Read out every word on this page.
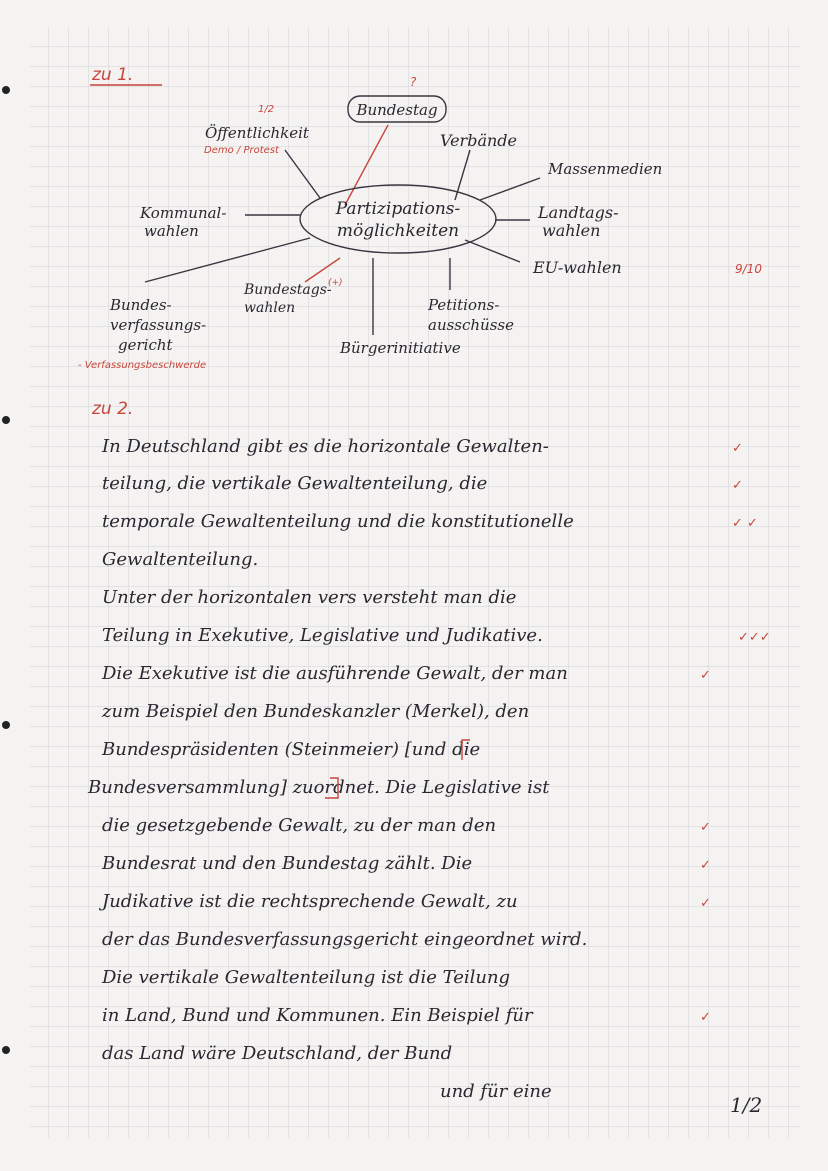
zu 1.
Partizipations-
möglichkeiten
Bundestag
?
Verbände
Massenmedien
Landtags-
wahlen
EU-wahlen	9/10
Petitions-
ausschüsse
Bürgerinitiative
Bundestags-
wahlen
(+)
Bundes-
verfassungs-
gericht
- Verfassungsbeschwerde
Kommunal-
wahlen
Öffentlichkeit
Demo / Protest
1/2
zu 2.
In Deutschland gibt es die horizontale Gewalten-
teilung, die vertikale Gewaltenteilung, die
temporale Gewaltenteilung und die konstitutionelle
Gewaltenteilung.
Unter der horizontalen vers versteht man die
Teilung in Exekutive, Legislative und Judikative.
Die Exekutive ist die ausführende Gewalt, der man
zum Beispiel den Bundeskanzler (Merkel), den
Bundespräsidenten (Steinmeier) [und die
Bundesversammlung] zuordnet. Die Legislative ist
die gesetzgebende Gewalt, zu der man den
Bundesrat und den Bundestag zählt. Die
Judikative ist die rechtsprechende Gewalt, zu
der das Bundesverfassungsgericht eingeordnet wird.
Die vertikale Gewaltenteilung ist die Teilung
in Land, Bund und Kommunen. Ein Beispiel für
das Land wäre Deutschland, der Bund
und für eine
✓
✓
✓ ✓
✓✓✓
✓
✓
✓
✓
✓
1/2
